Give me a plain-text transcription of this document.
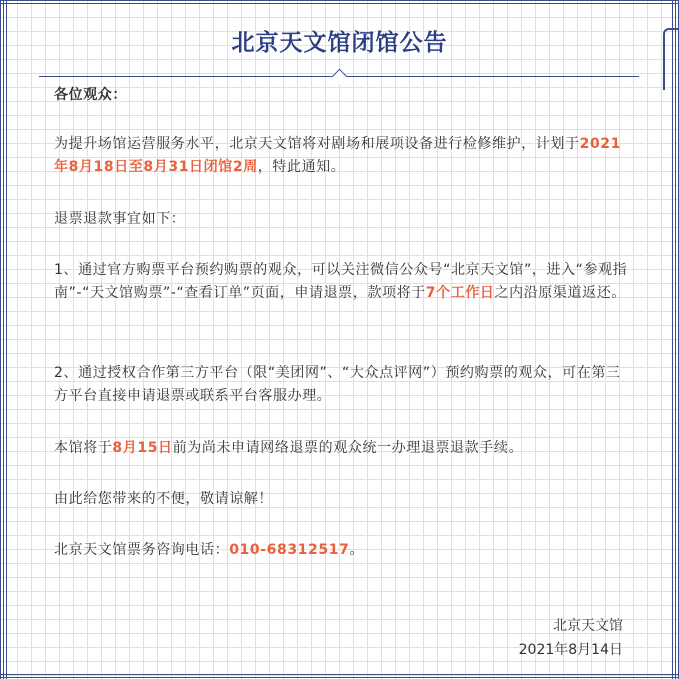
北京天文馆闭馆公告

各位观众：

为提升场馆运营服务水平，北京天文馆将对剧场和展项设备进行检修维护，计划于2021年8月18日至8月31日闭馆2周，特此通知。

退票退款事宜如下：

1、通过官方购票平台预约购票的观众，可以关注微信公众号“北京天文馆”，进入“参观指南”-“天文馆购票”-“查看订单”页面，申请退票，款项将于7个工作日之内沿原渠道返还。

2、通过授权合作第三方平台（限“美团网”、“大众点评网”）预约购票的观众，可在第三方平台直接申请退票或联系平台客服办理。

本馆将于8月15日前为尚未申请网络退票的观众统一办理退票退款手续。

由此给您带来的不便，敬请谅解！

北京天文馆票务咨询电话：010-68312517。

北京天文馆

2021年8月14日
